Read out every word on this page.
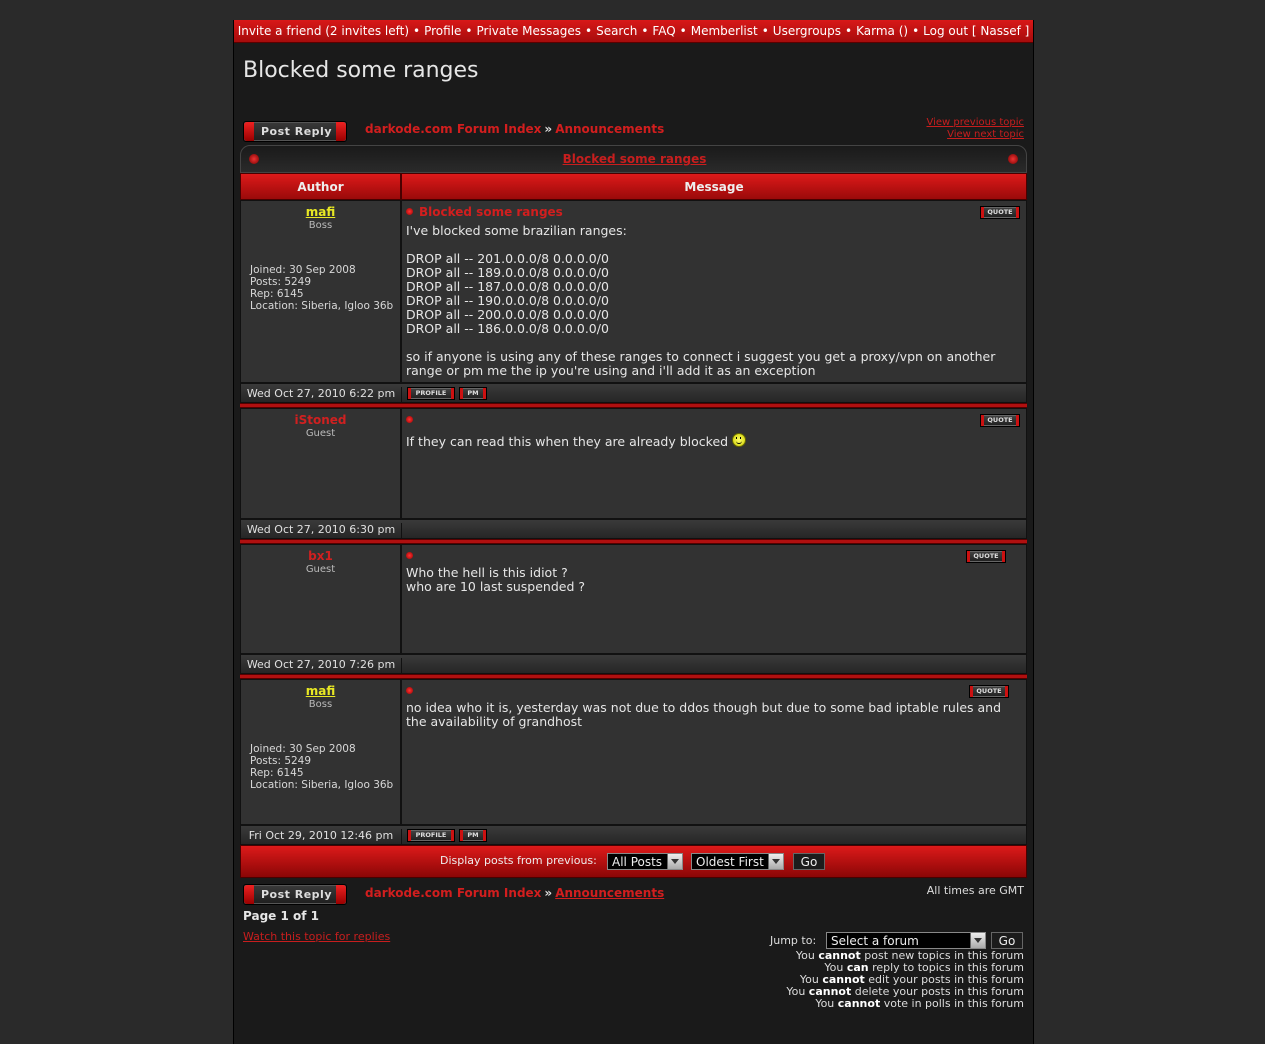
Invite a friend (2 invites left) • Profile • Private Messages • Search • FAQ • Memberlist • Usergroups • Karma () • Log out [ Nassef ]
Blocked some ranges
Post Reply	darkode.com Forum Index » Announcements	View previous topic
View next topic
Blocked some ranges
Author	Message
mafi
Boss
Joined: 30 Sep 2008
Posts: 5249
Rep: 6145
Location: Siberia, Igloo 36b
Blocked some ranges	QUOTE
I've blocked some brazilian ranges:

DROP all -- 201.0.0.0/8 0.0.0.0/0
DROP all -- 189.0.0.0/8 0.0.0.0/0
DROP all -- 187.0.0.0/8 0.0.0.0/0
DROP all -- 190.0.0.0/8 0.0.0.0/0
DROP all -- 200.0.0.0/8 0.0.0.0/0
DROP all -- 186.0.0.0/8 0.0.0.0/0

so if anyone is using any of these ranges to connect i suggest you get a proxy/vpn on another range or pm me the ip you're using and i'll add it as an exception
Wed Oct 27, 2010 6:22 pm	PROFILE	PM
iStoned
Guest
QUOTE
If they can read this when they are already blocked
Wed Oct 27, 2010 6:30 pm
bx1
Guest
QUOTE
Who the hell is this idiot ?
who are 10 last suspended ?
Wed Oct 27, 2010 7:26 pm
mafi
Boss
Joined: 30 Sep 2008
Posts: 5249
Rep: 6145
Location: Siberia, Igloo 36b
QUOTE
no idea who it is, yesterday was not due to ddos though but due to some bad iptable rules and the availability of grandhost
Fri Oct 29, 2010 12:46 pm	PROFILE	PM
Display posts from previous:	All Posts	Oldest First	Go
Post Reply	darkode.com Forum Index » Announcements	All times are GMT
Page 1 of 1
Watch this topic for replies	Jump to:	Select a forum	Go
You cannot post new topics in this forum
You can reply to topics in this forum
You cannot edit your posts in this forum
You cannot delete your posts in this forum
You cannot vote in polls in this forum
